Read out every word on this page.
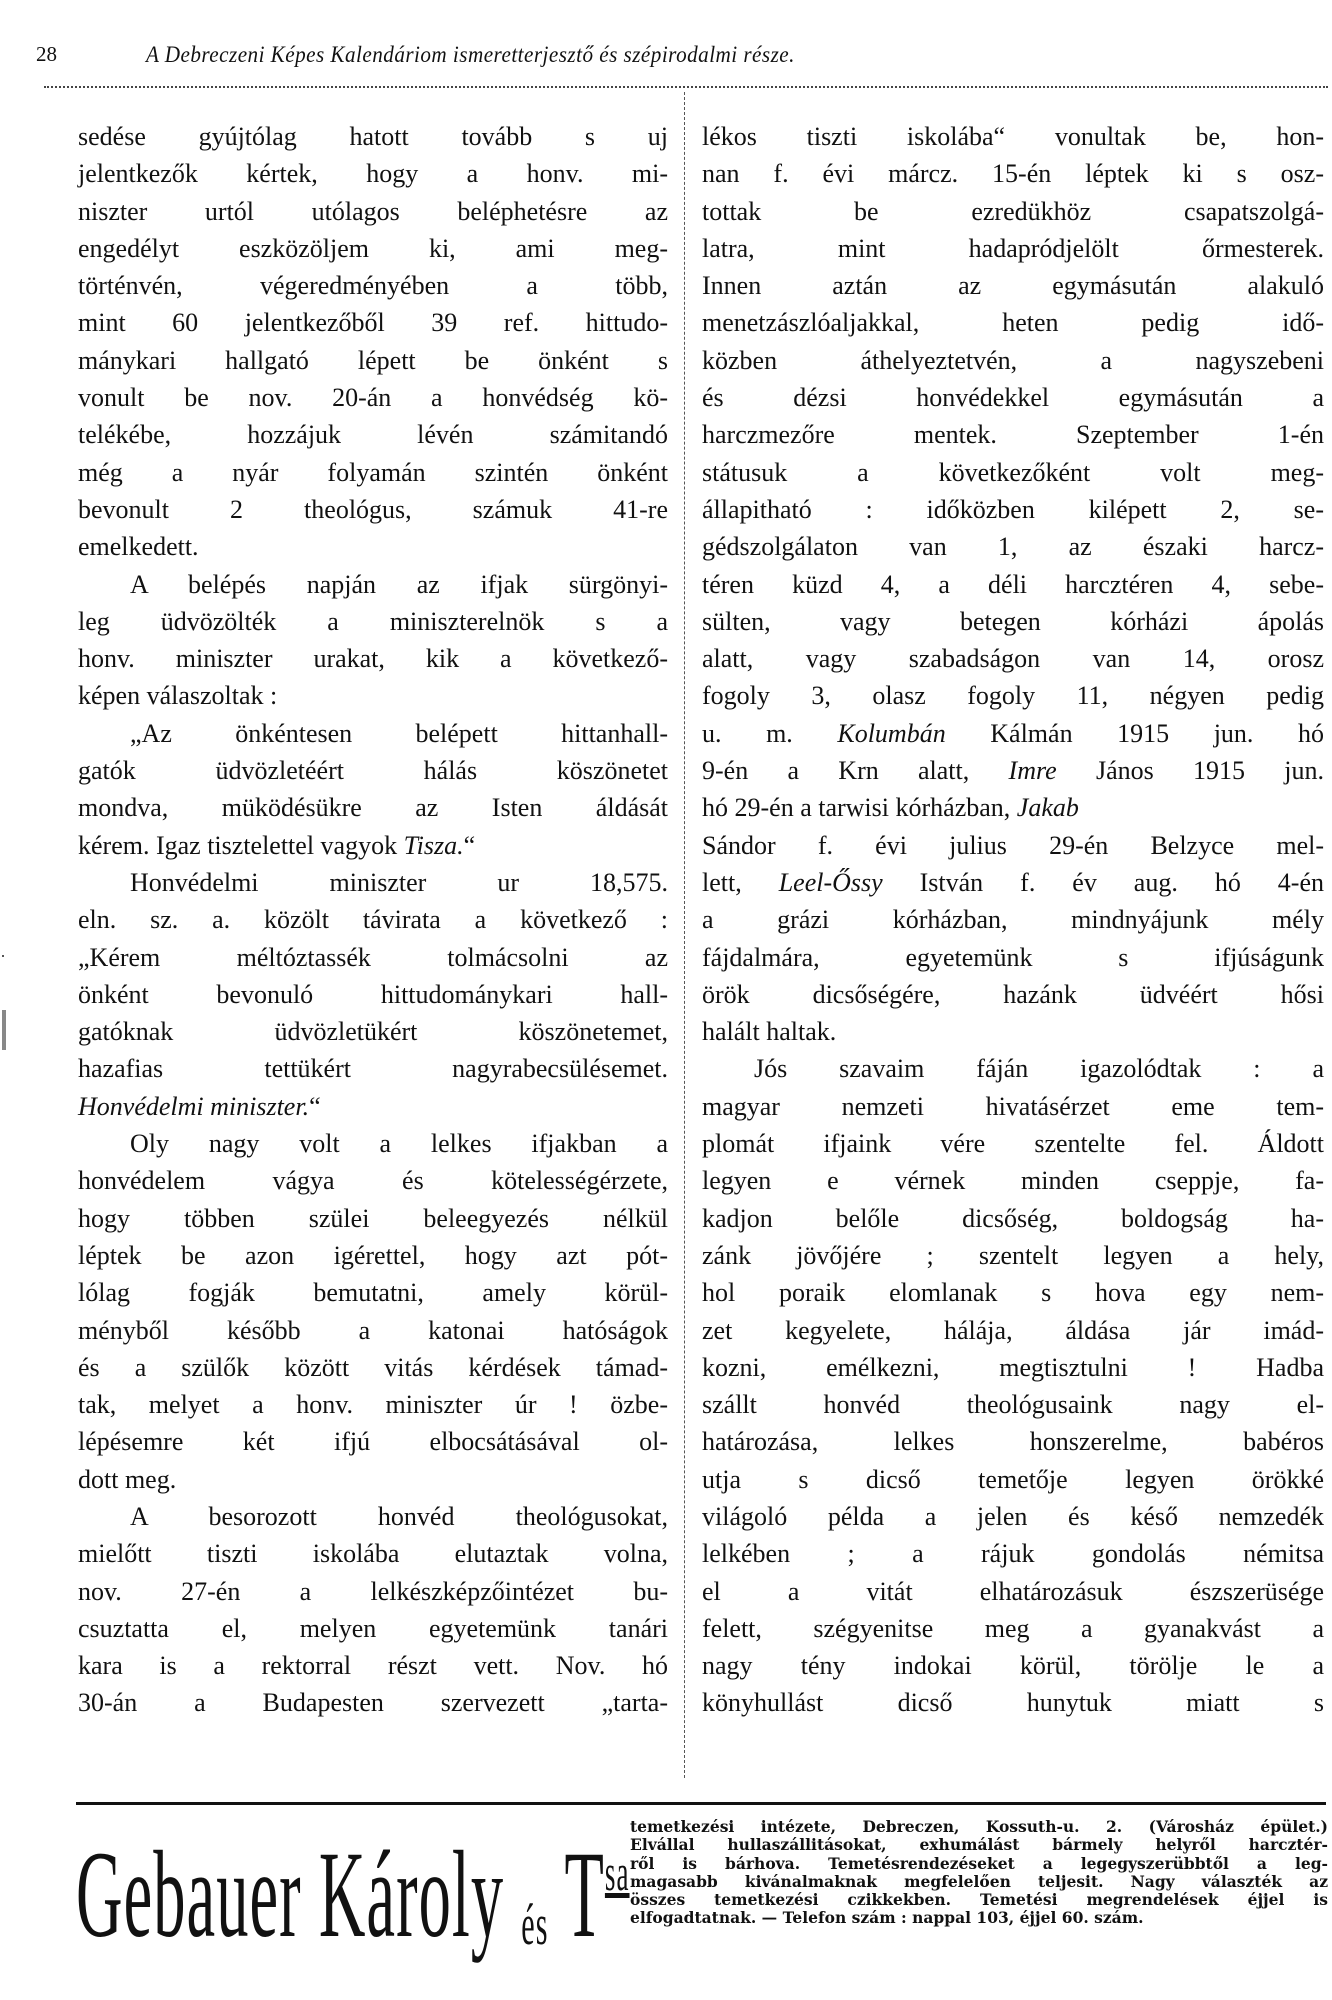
28	A Debreczeni Képes Kalendáriom ismeretterjesztő és szépirodalmi része.
sedése gyújtólag hatott tovább s uj
jelentkezők kértek, hogy a honv. mi-
niszter urtól utólagos beléphetésre az
engedélyt eszközöljem ki, ami meg-
történvén, végeredményében a több,
mint 60 jelentkezőből 39 ref. hittudo-
mánykari hallgató lépett be önként s
vonult be nov. 20-án a honvédség kö-
telékébe, hozzájuk lévén számitandó
még a nyár folyamán szintén önként
bevonult 2 theológus, számuk 41-re
emelkedett.
A belépés napján az ifjak sürgönyi-
leg üdvözölték a miniszterelnök s a
honv. miniszter urakat, kik a következő-
képen válaszoltak :
„Az önkéntesen belépett hittanhall-
gatók üdvözletéért hálás köszönetet
mondva, müködésükre az Isten áldását
kérem. Igaz tisztelettel vagyok Tisza.“
Honvédelmi miniszter ur 18,575.
eln. sz. a. közölt távirata a következő :
„Kérem méltóztassék tolmácsolni az
önként bevonuló hittudománykari hall-
gatóknak üdvözletükért köszönetemet,
hazafias tettükért nagyrabecsülésemet.
Honvédelmi miniszter.“
Oly nagy volt a lelkes ifjakban a
honvédelem vágya és kötelességérzete,
hogy többen szülei beleegyezés nélkül
léptek be azon igérettel, hogy azt pót-
lólag fogják bemutatni, amely körül-
ményből később a katonai hatóságok
és a szülők között vitás kérdések támad-
tak, melyet a honv. miniszter úr ! özbe-
lépésemre két ifjú elbocsátásával ol-
dott meg.
A besorozott honvéd theológusokat,
mielőtt tiszti iskolába elutaztak volna,
nov. 27-én a lelkészképzőintézet bu-
csuztatta el, melyen egyetemünk tanári
kara is a rektorral részt vett. Nov. hó
30-án a Budapesten szervezett „tarta-
lékos tiszti iskolába“ vonultak be, hon-
nan f. évi márcz. 15-én léptek ki s osz-
tottak be ezredükhöz csapatszolgá-
latra, mint hadapródjelölt őrmesterek.
Innen aztán az egymásután alakuló
menetzászlóaljakkal, heten pedig idő-
közben áthelyeztetvén, a nagyszebeni
és dézsi honvédekkel egymásután a
harczmezőre mentek. Szeptember 1-én
státusuk a következőként volt meg-
állapitható : időközben kilépett 2, se-
gédszolgálaton van 1, az északi harcz-
téren küzd 4, a déli harcztéren 4, sebe-
sülten, vagy betegen kórházi ápolás
alatt, vagy szabadságon van 14, orosz
fogoly 3, olasz fogoly 11, négyen pedig
u. m. Kolumbán Kálmán 1915 jun. hó
9-én a Krn alatt, Imre János 1915 jun.
hó 29-én a tarwisi kórházban, Jakab
Sándor f. évi julius 29-én Belzyce mel-
lett, Leel-Őssy István f. év aug. hó 4-én
a grázi kórházban, mindnyájunk mély
fájdalmára, egyetemünk s ifjúságunk
örök dicsőségére, hazánk üdvéért hősi
halált haltak.
Jós szavaim fáján igazolódtak : a
magyar nemzeti hivatásérzet eme tem-
plomát ifjaink vére szentelte fel. Áldott
legyen e vérnek minden cseppje, fa-
kadjon belőle dicsőség, boldogság ha-
zánk jövőjére ; szentelt legyen a hely,
hol poraik elomlanak s hova egy nem-
zet kegyelete, hálája, áldása jár imád-
kozni, emélkezni, megtisztulni ! Hadba
szállt honvéd theológusaink nagy el-
határozása, lelkes honszerelme, babéros
utja s dicső temetője legyen örökké
világoló példa a jelen és késő nemzedék
lelkében ; a rájuk gondolás némitsa
el a vitát elhatározásuk észszerüsége
felett, szégyenitse meg a gyanakvást a
nagy tény indokai körül, törölje le a
könyhullást dicső hunytuk miatt s
Gebauer Károly és $T^{sa}$
temetkezési intézete, Debreczen, Kossuth-u. 2. (Városház épület.)
Elvállal hullaszállitásokat, exhumálást bármely helyről harcztér-
ről is bárhova. Temetésrendezéseket a legegyszerübbtől a leg-
magasabb kivánalmaknak megfelelően teljesit. Nagy választék az
összes temetkezési czikkekben. Temetési megrendelések éjjel is
elfogadtatnak. — Telefon szám : nappal 103, éjjel 60. szám.
